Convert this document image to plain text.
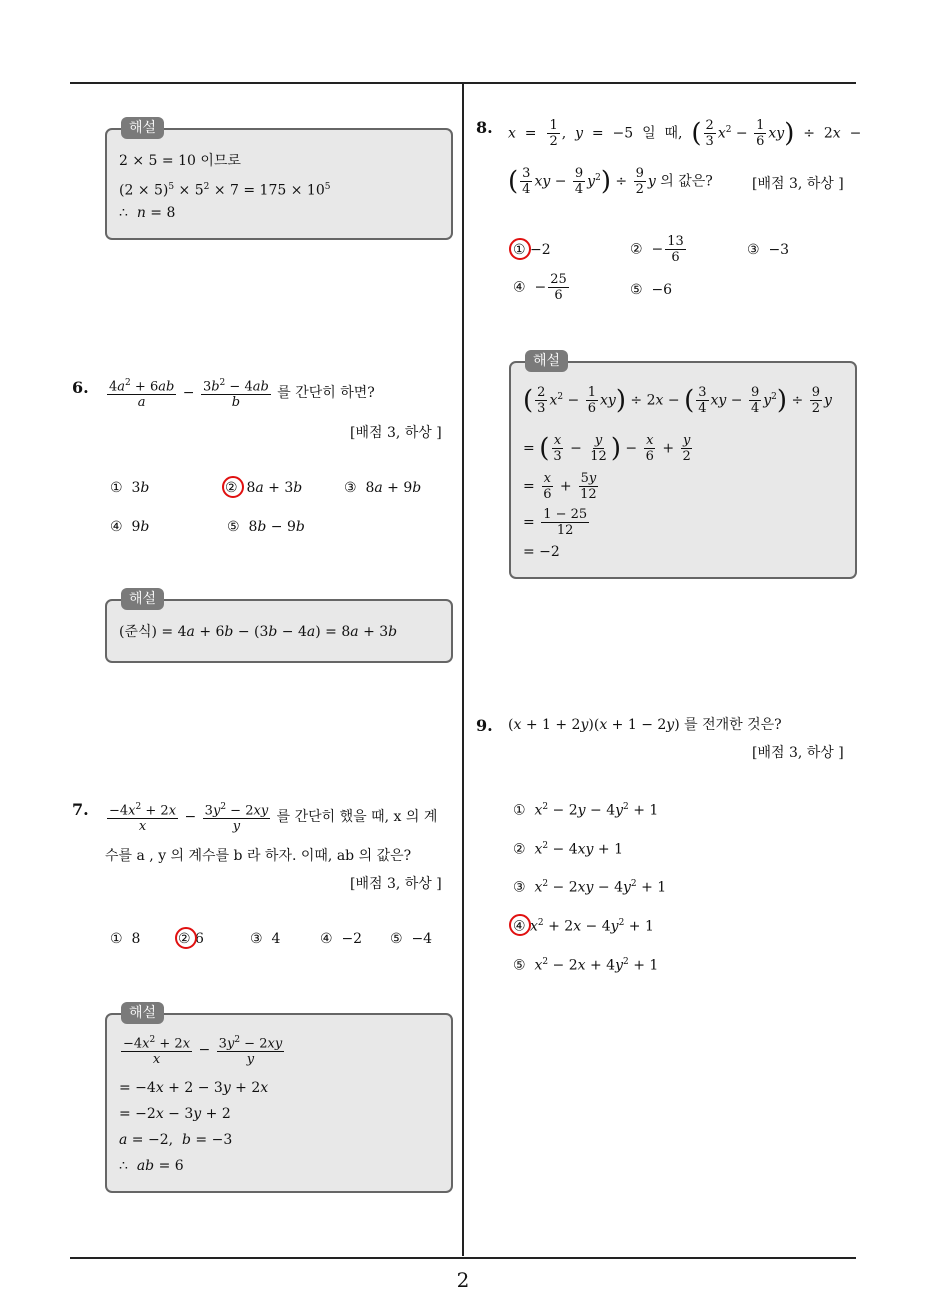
2
해설
2 × 5 = 10 이므로
$(2 \times 5)^5 \times 5^2 \times 7 = 175 \times 10^5$
∴  n = 8
6. $\frac{4a^2 + 6ab}{a} - \frac{3b^2 - 4ab}{b}$ 를 간단히 하면?
[배점 3, 하상 ]
①  3b	②  8a + 3b	③  8a + 9b
④  9b	⑤  8b − 9b
해설
(준식) = 4a + 6b − (3b − 4a) = 8a + 3b
7. $\frac{-4x^2 + 2x}{x} - \frac{3y^2 - 2xy}{y}$ 를 간단히 했을 때, x 의 계
수를 a , y 의 계수를 b 라 하자. 이때, ab 의 값은?
[배점 3, 하상 ]
①  8	② 6	③  4	④  −2 ⑤  −4
해설
$\frac{-4x^2 + 2x}{x} - \frac{3y^2 - 2xy}{y}$
= −4x + 2 − 3y + 2x
= −2x − 3y + 2
a = −2,  b = −3
∴  ab = 6
8. $x = \frac{1}{2}$ ,  y  =  −5  일  때,  ( $\frac{2}{3} x^2 - \frac{1}{6} xy) \div 2x$  −
( $\frac{3}{4}$ xy − $\frac{9}{4} y^2) \div \frac{9}{2}$ y 의 값은?	[배점 3, 하상 ]
① −2	②  − $\frac{13}{6}$	③  −3
④  − $\frac{25}{6}$	⑤  −6
해설
( $\frac{2}{3} x^2 - \frac{1}{6} xy) \div 2x$ − ( $\frac{3}{4}$ xy − $\frac{9}{4} y^2) \div \frac{9}{2}$ y
= ( $\frac{x}{3} - \frac{y}{12}$ ) − $\frac{x}{6} + \frac{y}{2}$
= $\frac{x}{6} + \frac{5y}{12}$
= $\frac{1 - 25}{12}$
= −2
9. (x + 1 + 2y)(x + 1 − 2y) 를 전개한 것은?
[배점 3, 하상 ]
①  $x^2 - 2y - 4y^2 + 1$
②  $x^2 - 4xy + 1$
③  $x^2 - 2xy - 4y^2 + 1$
④ $x^2 + 2x - 4y^2 + 1$
⑤  $x^2 - 2x + 4y^2 + 1$
